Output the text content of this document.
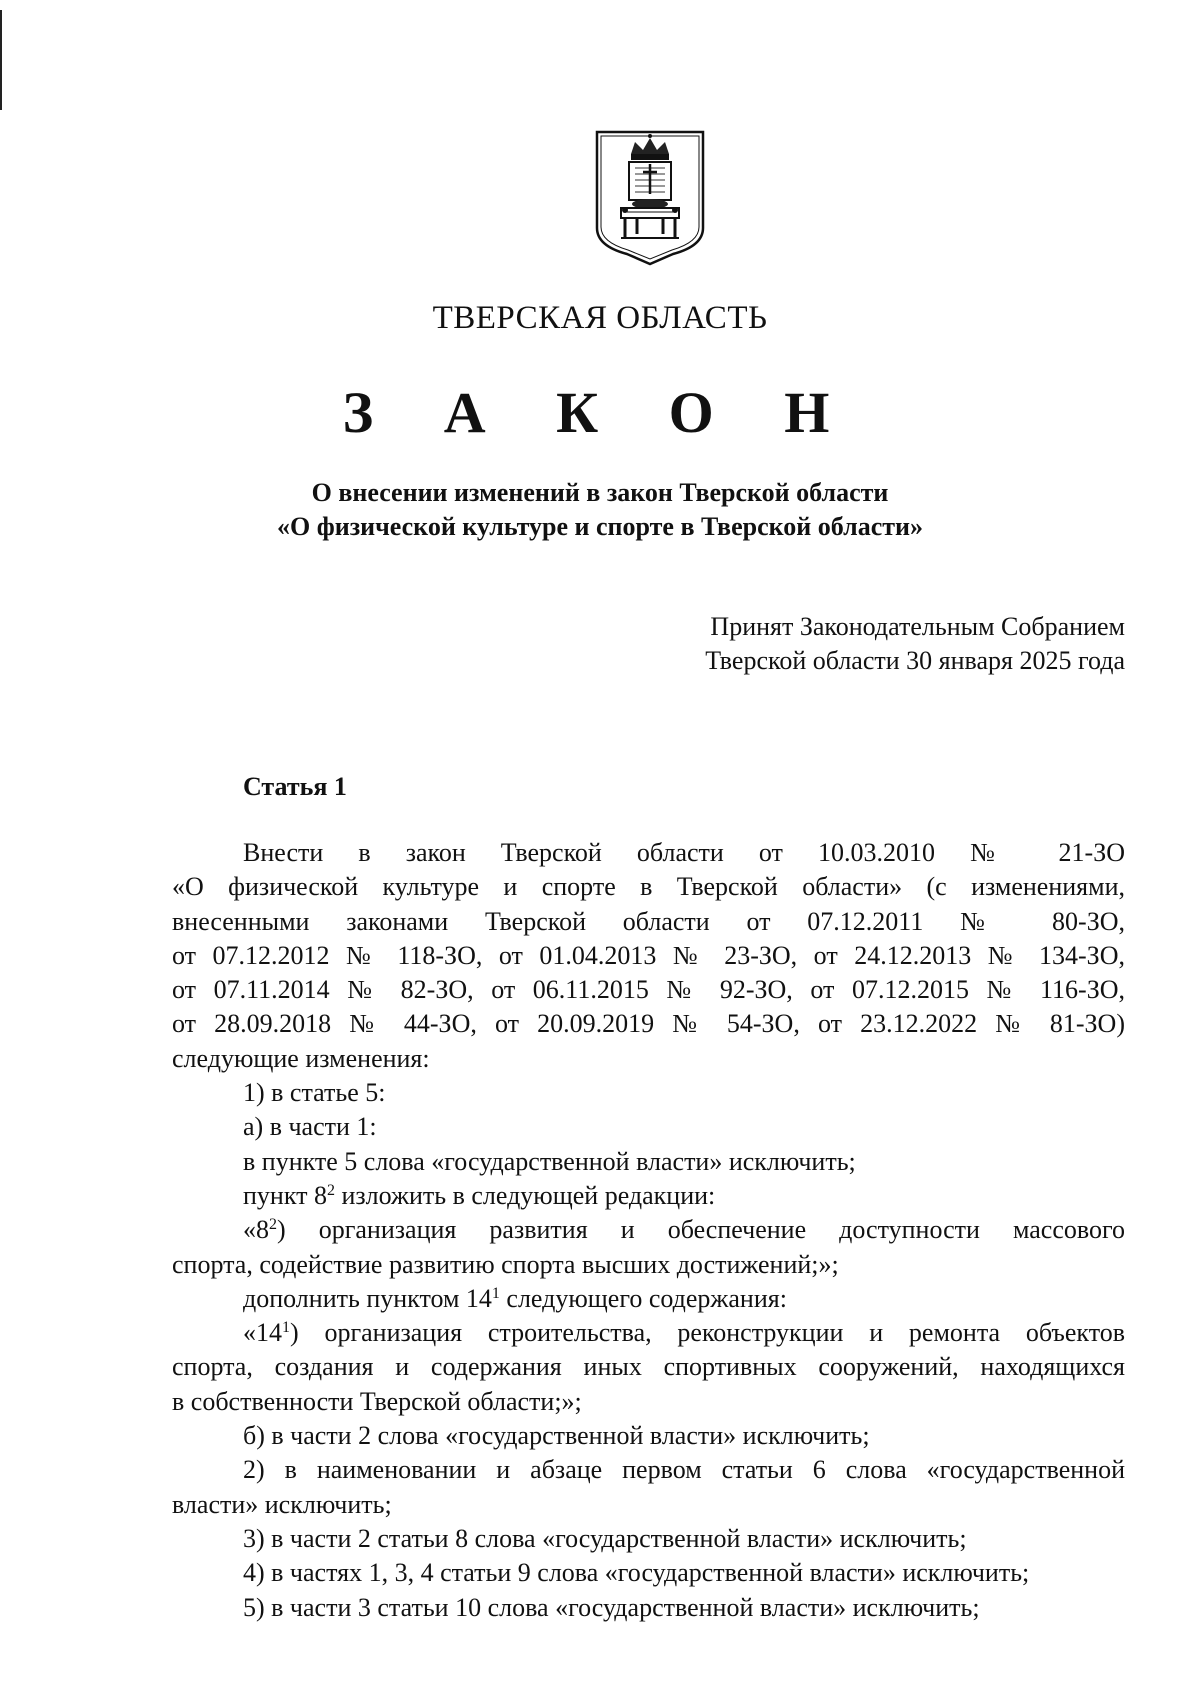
ТВЕРСКАЯ ОБЛАСТЬ
З А К О Н
О внесении изменений в закон Тверской области
«О физической культуре и спорте в Тверской области»
Принят Законодательным Собранием
Тверской области 30 января 2025 года
Статья 1

Внести в закон Тверской области от 10.03.2010 № 21-ЗО

«О физической культуре и спорте в Тверской области» (с изменениями,

внесенными законами Тверской области от 07.12.2011 № 80-ЗО,

от 07.12.2012 № 118-ЗО, от 01.04.2013 № 23-ЗО, от 24.12.2013 № 134-ЗО,

от 07.11.2014 № 82-ЗО, от 06.11.2015 № 92-ЗО, от 07.12.2015 № 116-ЗО,

от 28.09.2018 № 44-ЗО, от 20.09.2019 № 54-ЗО, от 23.12.2022 № 81-ЗО)

следующие изменения:

1) в статье 5:

а) в части 1:

в пункте 5 слова «государственной власти» исключить;

пункт $8^2$ изложить в следующей редакции:

«$8^2$) организация развития и обеспечение доступности массового

спорта, содействие развитию спорта высших достижений;»;

дополнить пунктом $14^1$ следующего содержания:

«$14^1$) организация строительства, реконструкции и ремонта объектов

спорта, создания и содержания иных спортивных сооружений, находящихся

в собственности Тверской области;»;

б) в части 2 слова «государственной власти» исключить;

2) в наименовании и абзаце первом статьи 6 слова «государственной

власти» исключить;

3) в части 2 статьи 8 слова «государственной власти» исключить;

4) в частях 1, 3, 4 статьи 9 слова «государственной власти» исключить;

5) в части 3 статьи 10 слова «государственной власти» исключить;
